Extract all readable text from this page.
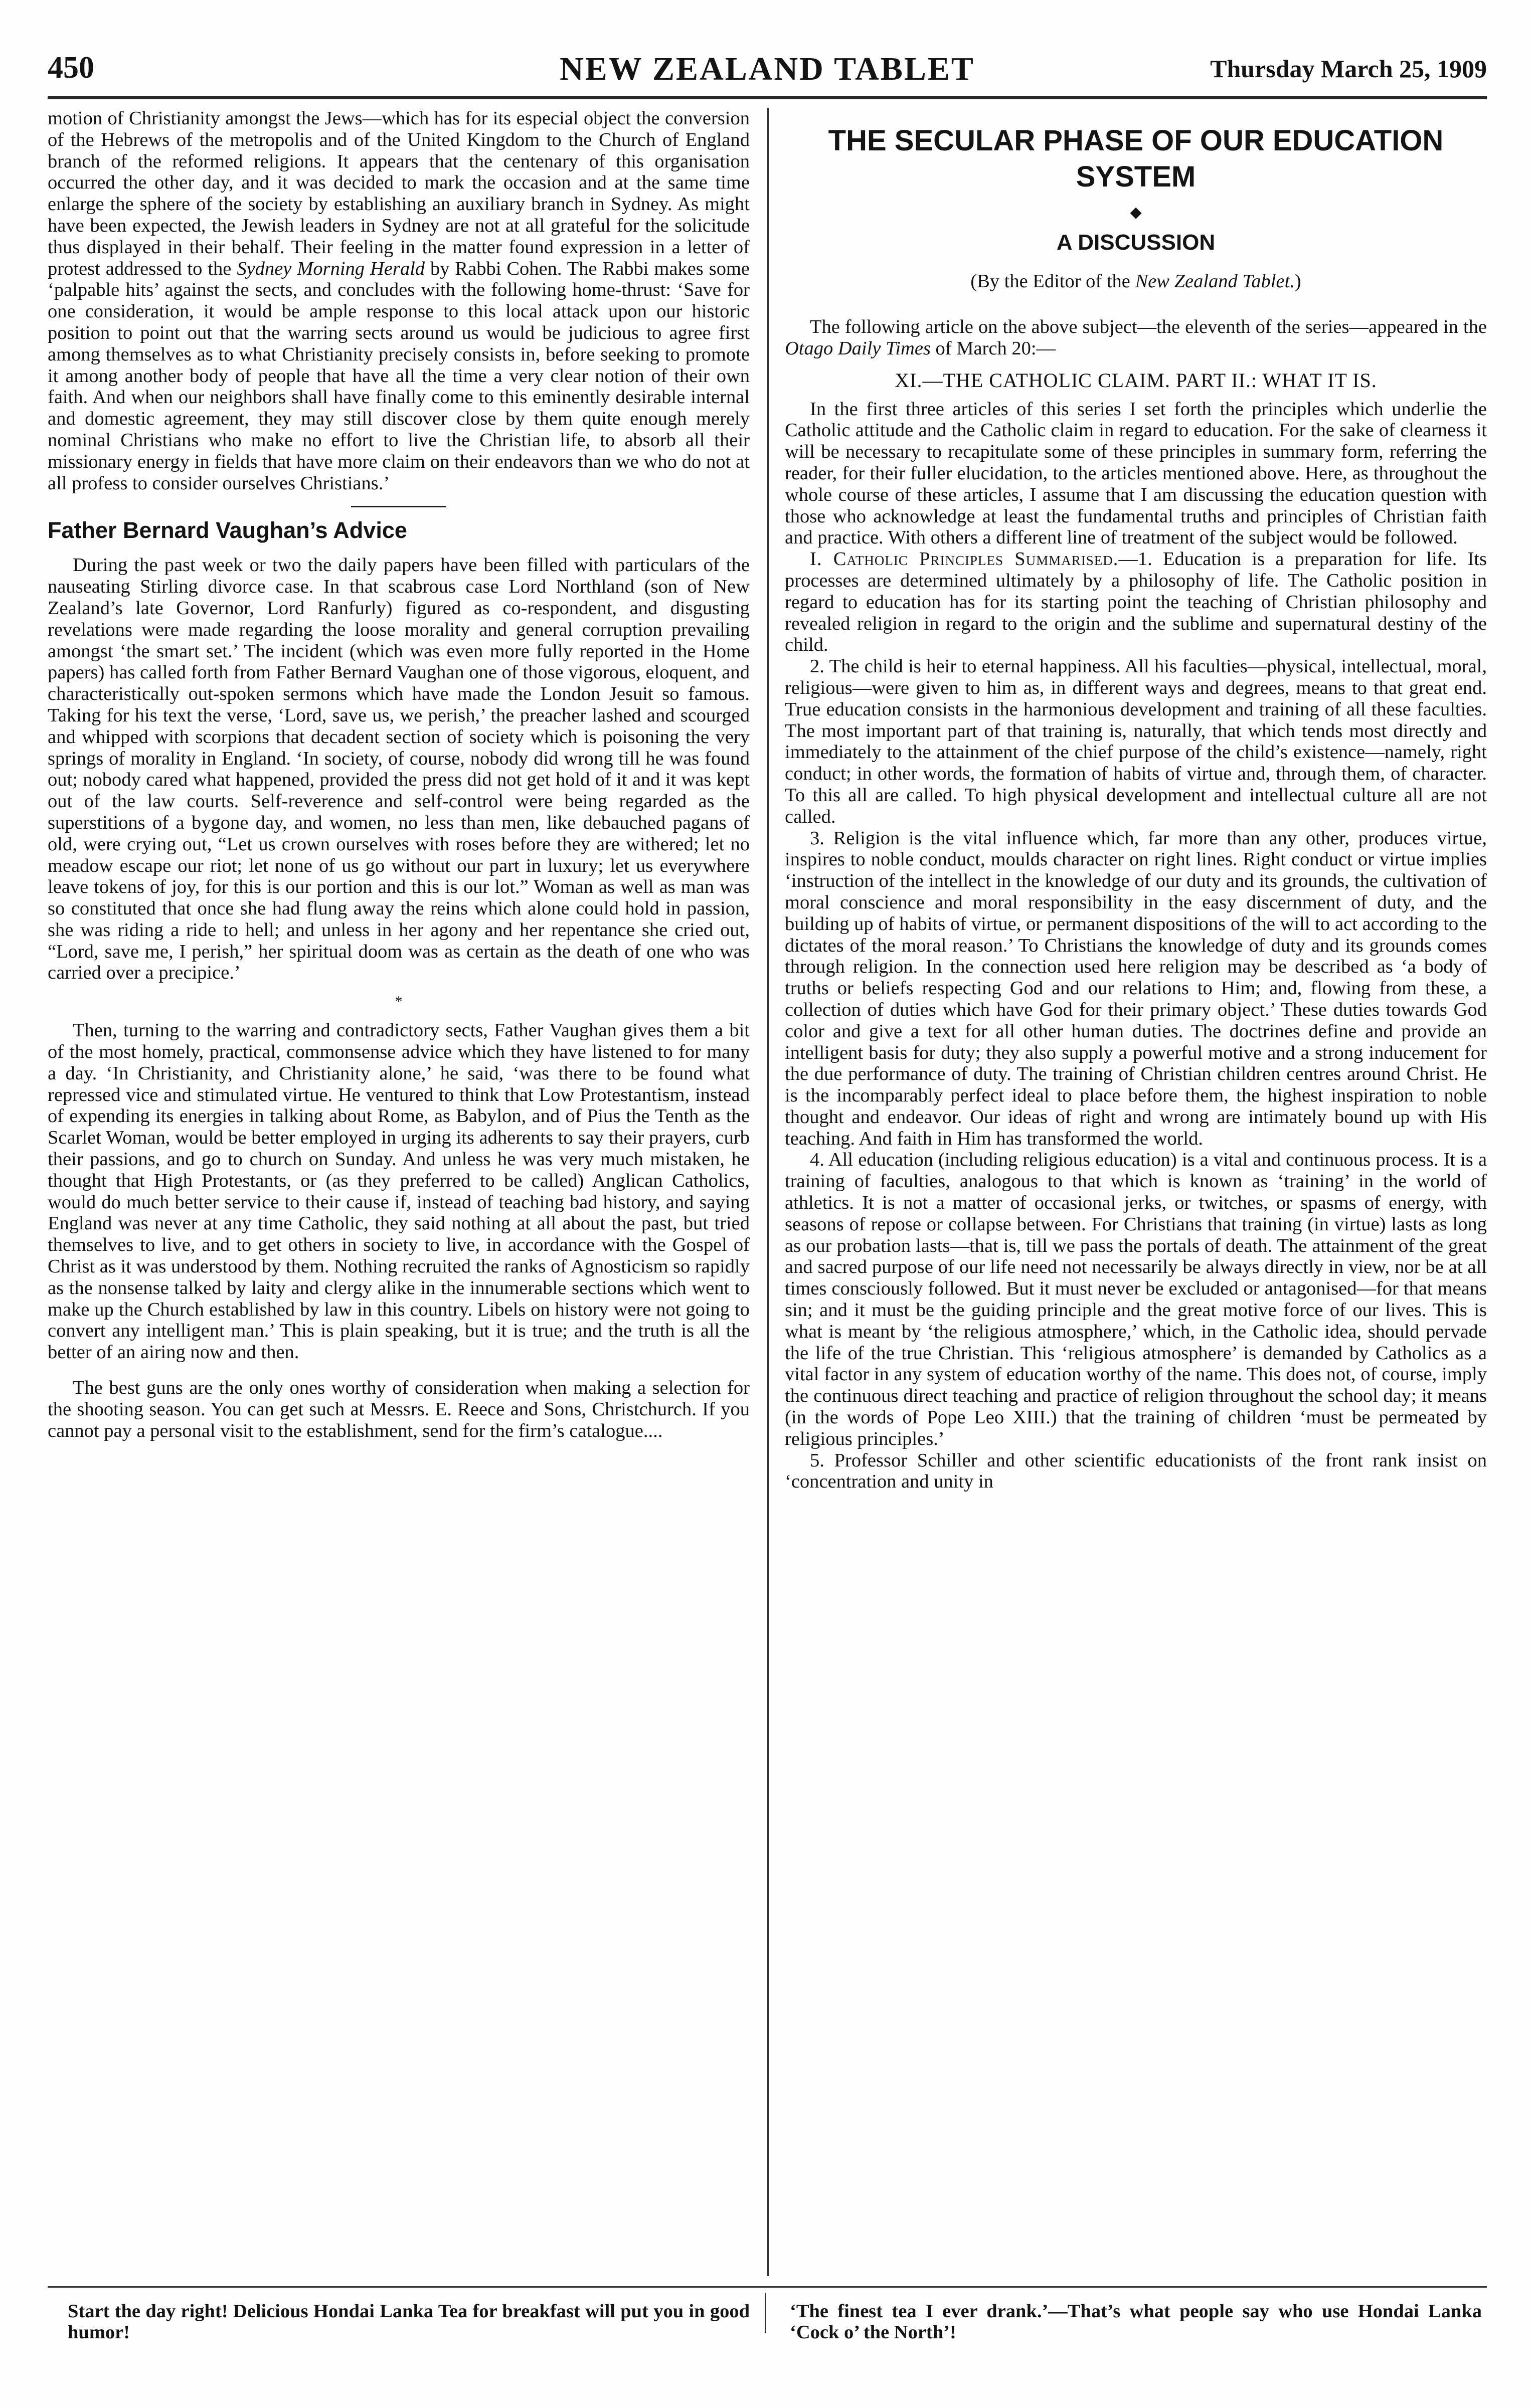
450	NEW ZEALAND TABLET	Thursday March 25, 1909

motion of Christianity amongst the Jews—which has for its especial object the conversion of the Hebrews of the metropolis and of the United Kingdom to the Church of England branch of the reformed religions. It appears that the centenary of this organisation occurred the other day, and it was decided to mark the occasion and at the same time enlarge the sphere of the society by establishing an auxiliary branch in Sydney. As might have been expected, the Jewish leaders in Sydney are not at all grateful for the solicitude thus displayed in their behalf. Their feeling in the matter found expression in a letter of protest addressed to the Sydney Morning Herald by Rabbi Cohen. The Rabbi makes some ‘palpable hits’ against the sects, and concludes with the following home-thrust: ‘Save for one consideration, it would be ample response to this local attack upon our historic position to point out that the warring sects around us would be judicious to agree first among themselves as to what Christianity precisely consists in, before seeking to promote it among another body of people that have all the time a very clear notion of their own faith. And when our neighbors shall have finally come to this eminently desirable internal and domestic agreement, they may still discover close by them quite enough merely nominal Christians who make no effort to live the Christian life, to absorb all their missionary energy in fields that have more claim on their endeavors than we who do not at all profess to consider ourselves Christians.’

Father Bernard Vaughan’s Advice

During the past week or two the daily papers have been filled with particulars of the nauseating Stirling divorce case. In that scabrous case Lord Northland (son of New Zealand’s late Governor, Lord Ranfurly) figured as co-respondent, and disgusting revelations were made regarding the loose morality and general corruption prevailing amongst ‘the smart set.’ The incident (which was even more fully reported in the Home papers) has called forth from Father Bernard Vaughan one of those vigorous, eloquent, and characteristically out-spoken sermons which have made the London Jesuit so famous. Taking for his text the verse, ‘Lord, save us, we perish,’ the preacher lashed and scourged and whipped with scorpions that decadent section of society which is poisoning the very springs of morality in England. ‘In society, of course, nobody did wrong till he was found out; nobody cared what happened, provided the press did not get hold of it and it was kept out of the law courts. Self-reverence and self-control were being regarded as the superstitions of a bygone day, and women, no less than men, like debauched pagans of old, were crying out, “Let us crown ourselves with roses before they are withered; let no meadow escape our riot; let none of us go without our part in luxury; let us everywhere leave tokens of joy, for this is our portion and this is our lot.” Woman as well as man was so constituted that once she had flung away the reins which alone could hold in passion, she was riding a ride to hell; and unless in her agony and her repentance she cried out, “Lord, save me, I perish,” her spiritual doom was as certain as the death of one who was carried over a precipice.’

*

Then, turning to the warring and contradictory sects, Father Vaughan gives them a bit of the most homely, practical, commonsense advice which they have listened to for many a day. ‘In Christianity, and Christianity alone,’ he said, ‘was there to be found what repressed vice and stimulated virtue. He ventured to think that Low Protestantism, instead of expending its energies in talking about Rome, as Babylon, and of Pius the Tenth as the Scarlet Woman, would be better employed in urging its adherents to say their prayers, curb their passions, and go to church on Sunday. And unless he was very much mistaken, he thought that High Protestants, or (as they preferred to be called) Anglican Catholics, would do much better service to their cause if, instead of teaching bad history, and saying England was never at any time Catholic, they said nothing at all about the past, but tried themselves to live, and to get others in society to live, in accordance with the Gospel of Christ as it was understood by them. Nothing recruited the ranks of Agnosticism so rapidly as the nonsense talked by laity and clergy alike in the innumerable sections which went to make up the Church established by law in this country. Libels on history were not going to convert any intelligent man.’ This is plain speaking, but it is true; and the truth is all the better of an airing now and then.

The best guns are the only ones worthy of consideration when making a selection for the shooting season. You can get such at Messrs. E. Reece and Sons, Christchurch. If you cannot pay a personal visit to the establishment, send for the firm’s catalogue....

THE SECULAR PHASE OF OUR EDUCATION
SYSTEM
◆
A DISCUSSION
(By the Editor of the New Zealand Tablet.)

The following article on the above subject—the eleventh of the series—appeared in the Otago Daily Times of March 20:—

XI.—THE CATHOLIC CLAIM. PART II.: WHAT IT IS.

In the first three articles of this series I set forth the principles which underlie the Catholic attitude and the Catholic claim in regard to education. For the sake of clearness it will be necessary to recapitulate some of these principles in summary form, referring the reader, for their fuller elucidation, to the articles mentioned above. Here, as throughout the whole course of these articles, I assume that I am discussing the education question with those who acknowledge at least the fundamental truths and principles of Christian faith and practice. With others a different line of treatment of the subject would be followed.

I. Catholic Principles Summarised.—1. Education is a preparation for life. Its processes are determined ultimately by a philosophy of life. The Catholic position in regard to education has for its starting point the teaching of Christian philosophy and revealed religion in regard to the origin and the sublime and supernatural destiny of the child.

2. The child is heir to eternal happiness. All his faculties—physical, intellectual, moral, religious—were given to him as, in different ways and degrees, means to that great end. True education consists in the harmonious development and training of all these faculties. The most important part of that training is, naturally, that which tends most directly and immediately to the attainment of the chief purpose of the child’s existence—namely, right conduct; in other words, the formation of habits of virtue and, through them, of character. To this all are called. To high physical development and intellectual culture all are not called.

3. Religion is the vital influence which, far more than any other, produces virtue, inspires to noble conduct, moulds character on right lines. Right conduct or virtue implies ‘instruction of the intellect in the knowledge of our duty and its grounds, the cultivation of moral conscience and moral responsibility in the easy discernment of duty, and the building up of habits of virtue, or permanent dispositions of the will to act according to the dictates of the moral reason.’ To Christians the knowledge of duty and its grounds comes through religion. In the connection used here religion may be described as ‘a body of truths or beliefs respecting God and our relations to Him; and, flowing from these, a collection of duties which have God for their primary object.’ These duties towards God color and give a text for all other human duties. The doctrines define and provide an intelligent basis for duty; they also supply a powerful motive and a strong inducement for the due performance of duty. The training of Christian children centres around Christ. He is the incomparably perfect ideal to place before them, the highest inspiration to noble thought and endeavor. Our ideas of right and wrong are intimately bound up with His teaching. And faith in Him has transformed the world.

4. All education (including religious education) is a vital and continuous process. It is a training of faculties, analogous to that which is known as ‘training’ in the world of athletics. It is not a matter of occasional jerks, or twitches, or spasms of energy, with seasons of repose or collapse between. For Christians that training (in virtue) lasts as long as our probation lasts—that is, till we pass the portals of death. The attainment of the great and sacred purpose of our life need not necessarily be always directly in view, nor be at all times consciously followed. But it must never be excluded or antagonised—for that means sin; and it must be the guiding principle and the great motive force of our lives. This is what is meant by ‘the religious atmosphere,’ which, in the Catholic idea, should pervade the life of the true Christian. This ‘religious atmosphere’ is demanded by Catholics as a vital factor in any system of education worthy of the name. This does not, of course, imply the continuous direct teaching and practice of religion throughout the school day; it means (in the words of Pope Leo XIII.) that the training of children ‘must be permeated by religious principles.’

5. Professor Schiller and other scientific educationists of the front rank insist on ‘concentration and unity in

Start the day right! Delicious Hondai Lanka Tea for breakfast will put you in good humor!
‘The finest tea I ever drank.’—That’s what people say who use Hondai Lanka ‘Cock o’ the North’!
